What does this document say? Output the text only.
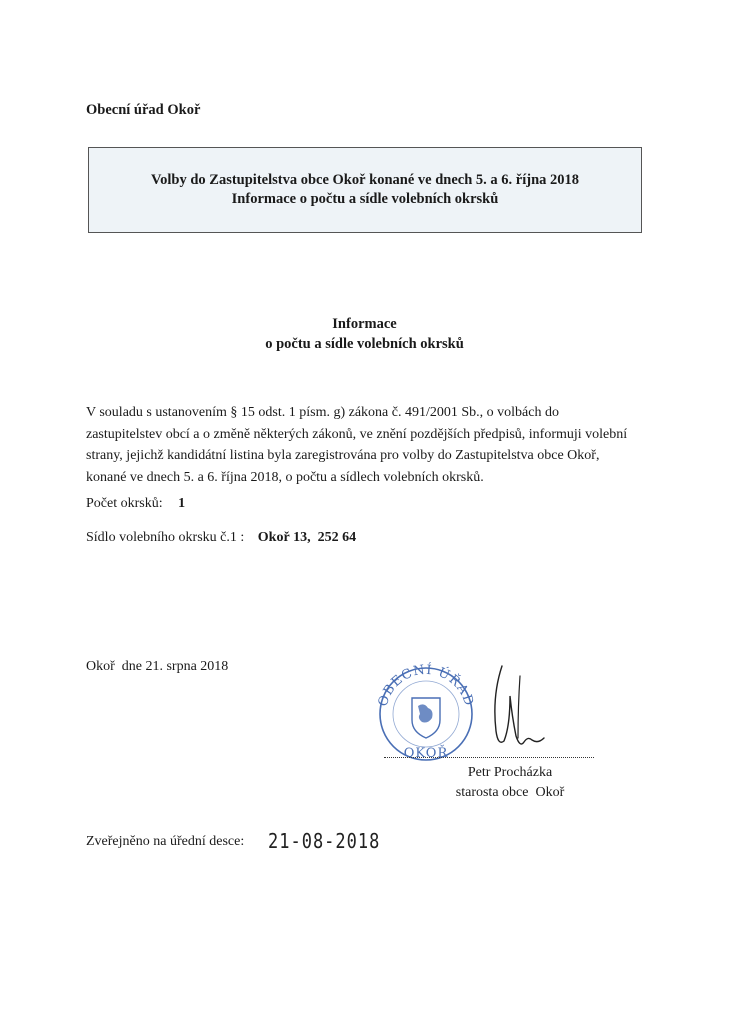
Obecní úřad Okoř
Volby do Zastupitelstva obce Okoř konané ve dnech 5. a 6. října 2018
Informace o počtu a sídle volebních okrsků
Informace
o počtu a sídle volebních okrsků
V souladu s ustanovením § 15 odst. 1 písm. g) zákona č. 491/2001 Sb., o volbách do
zastupitelstev obcí a o změně některých zákonů, ve znění pozdějších předpisů, informuji volební
strany, jejichž kandidátní listina byla zaregistrována pro volby do Zastupitelstva obce Okoř,
konané ve dnech 5. a 6. října 2018, o počtu a sídlech volebních okrsků.
Počet okrsků: 1
Sídlo volebního okrsku č.1 : Okoř 13,  252 64
Okoř  dne 21. srpna 2018
OBECNÍ ÚŘAD
OKOŘ
Petr Procházka
starosta obce  Okoř
Zveřejněno na úřední desce: 21-08-2018
